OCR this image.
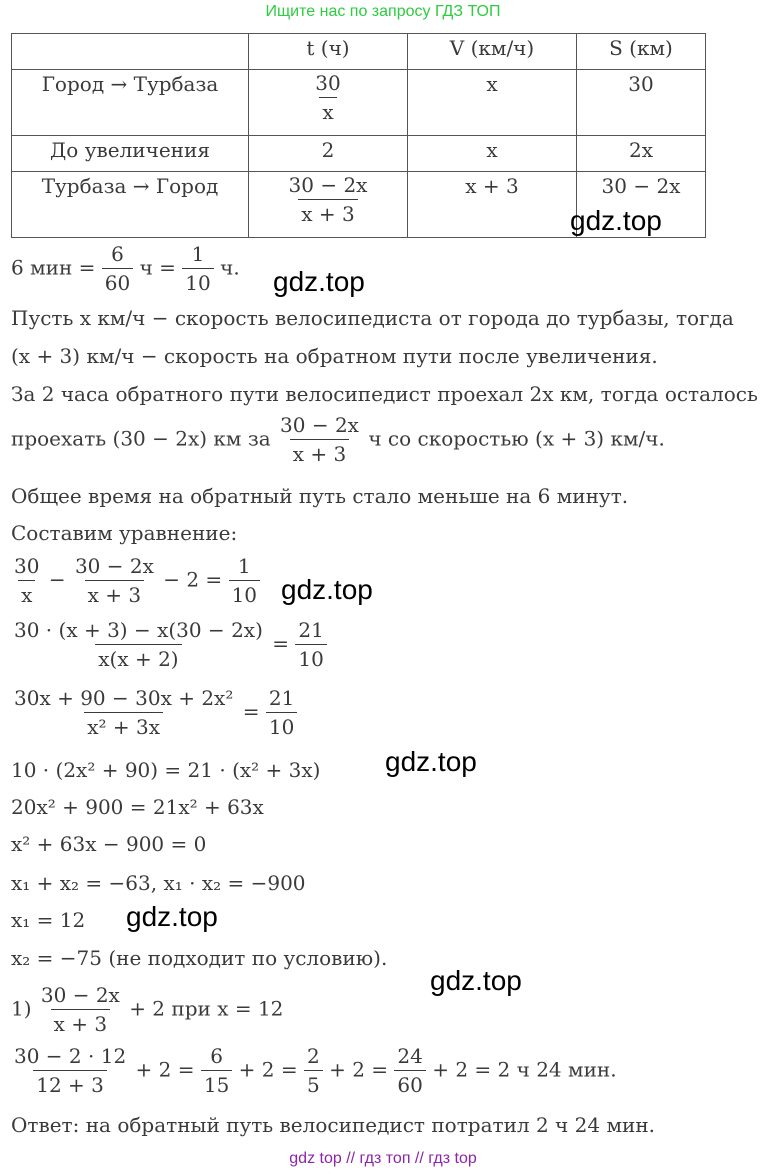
Ищите нас по запросу ГДЗ ТОП
	t (ч)	V (км/ч)	S (км)
Город → Турбаза	$\frac{30}{x}$	x	30
До увеличения	2	x	2x
Турбаза → Город	$\frac{30 - 2x}{x + 3}$	x + 3	30 − 2x
gdz.top
6 мин = $\frac{6}{60}$ $ч = \frac{1}{10} ч$. gdz.top
Пусть x км/ч − скорость велосипедиста от города до турбазы, тогда
(x + 3) км/ч − скорость на обратном пути после увеличения.
За 2 часа обратного пути велосипедист проехал 2x км, тогда осталось
проехать (30 − 2x) км за $\frac{30 - 2x}{x + 3}$ ч со скоростью (x + 3) км/ч.
Общее время на обратный путь стало меньше на 6 минут.
Составим уравнение:
$\frac{30}{x} - \frac{30 - 2x}{x + 3} - 2 = \frac{1}{10} gdz.top$
$\frac{30 \cdot (x + 3) - x(30 - 2x)}{x(x + 2)} = \frac{21}{10}$
$\frac{\text{30x + 90 − 30x + 2x²}}{\text{x² + 3x}} = \frac{21}{10}$
10 · (2x² + 90) = 21 · (x² + 3x) gdz.top
20x² + 900 = 21x² + 63x
x² + 63x − 900 = 0
x₁ + x₂ = −63, x₁ · x₂ = −900
x₁ = 12 gdz.top
x₂ = −75 (не подходит по условию).
gdz.top
$1) \frac{30 - 2x}{x + 3} + 2$ при x = 12
$\frac{30 - 2 \cdot 12}{12 + 3} + 2 = \frac{6}{15} + 2 = \frac{2}{5} + 2 = \frac{24}{60} + 2 = 2$ ч 24 мин.
Ответ: на обратный путь велосипедист потратил 2 ч 24 мин.
gdz top // гдз топ // гдз top
